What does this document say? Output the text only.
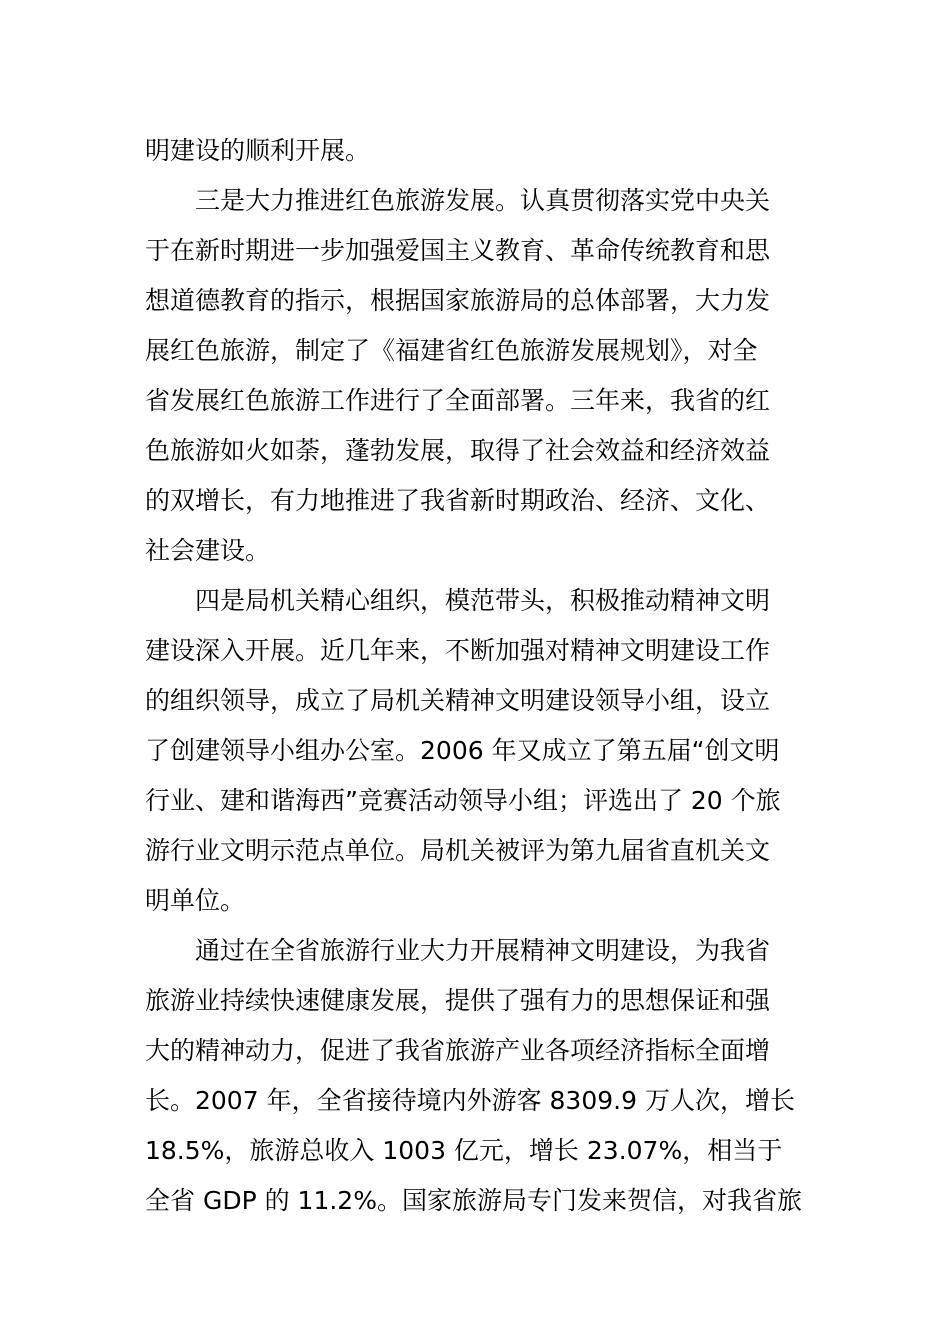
明建设的顺利开展。

　　三是大力推进红色旅游发展。认真贯彻落实党中央关

于在新时期进一步加强爱国主义教育、革命传统教育和思

想道德教育的指示，根据国家旅游局的总体部署，大力发

展红色旅游，制定了《福建省红色旅游发展规划》，对全

省发展红色旅游工作进行了全面部署。三年来，我省的红

色旅游如火如荼，蓬勃发展，取得了社会效益和经济效益

的双增长，有力地推进了我省新时期政治、经济、文化、

社会建设。

　　四是局机关精心组织，模范带头，积极推动精神文明

建设深入开展。近几年来，不断加强对精神文明建设工作

的组织领导，成立了局机关精神文明建设领导小组，设立

了创建领导小组办公室。2006 年又成立了第五届“创文明

行业、建和谐海西”竞赛活动领导小组；评选出了 20 个旅

游行业文明示范点单位。局机关被评为第九届省直机关文

明单位。

　　通过在全省旅游行业大力开展精神文明建设，为我省

旅游业持续快速健康发展，提供了强有力的思想保证和强

大的精神动力，促进了我省旅游产业各项经济指标全面增

长。2007 年，全省接待境内外游客 8309.9 万人次，增长

18.5%，旅游总收入 1003 亿元，增长 23.07%，相当于

全省 GDP 的 11.2%。国家旅游局专门发来贺信，对我省旅
